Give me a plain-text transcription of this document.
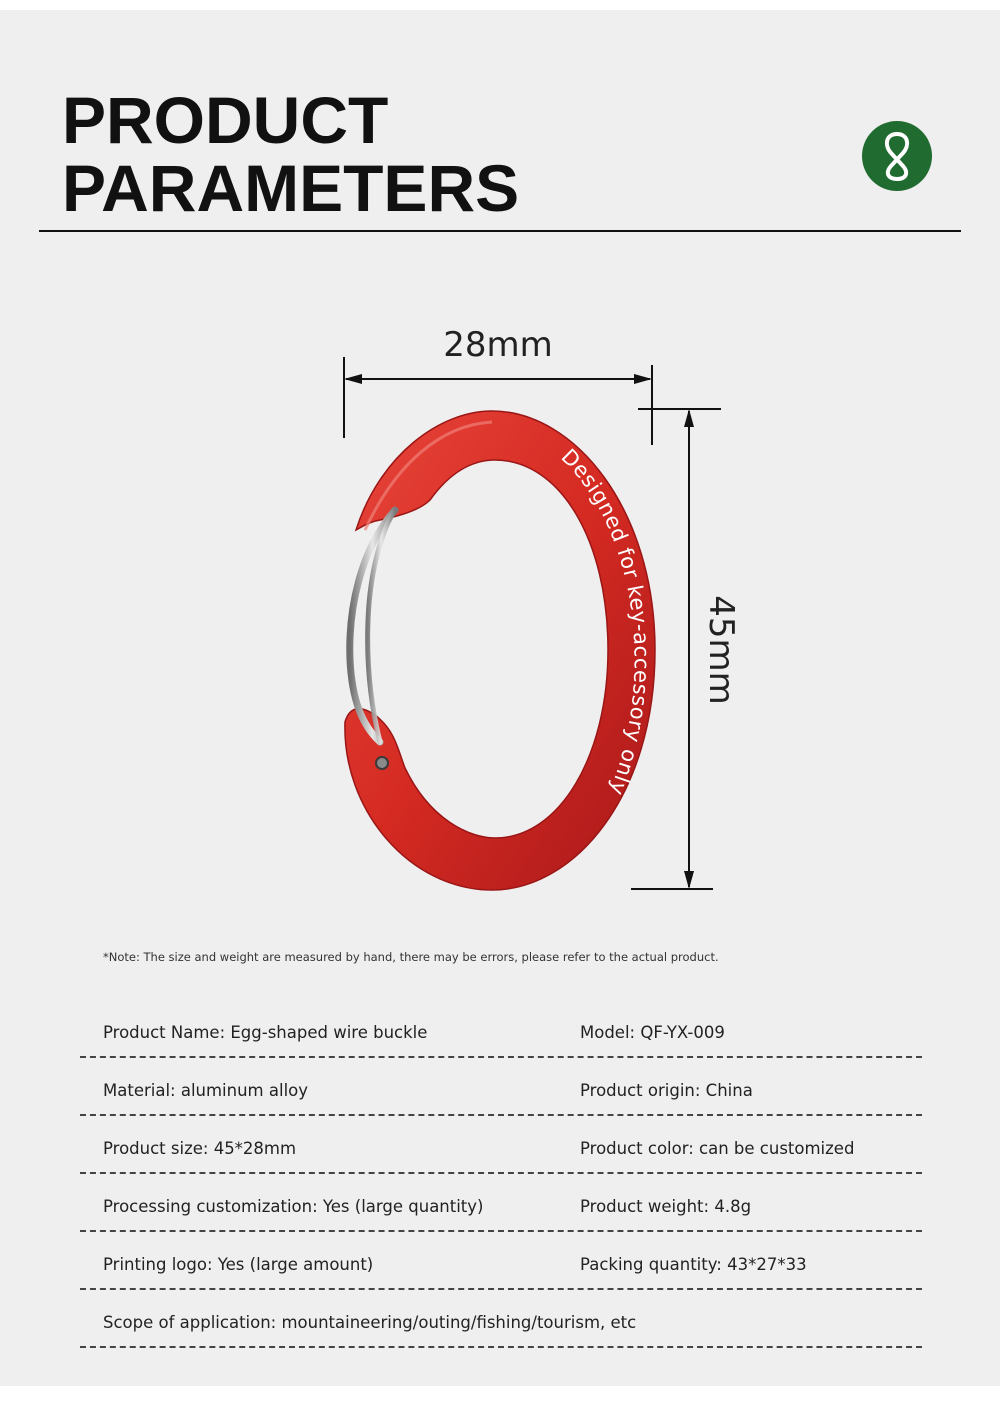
PRODUCT
PARAMETERS
28mm
45mm
Designed for key-accessory only
*Note: The size and weight are measured by hand, there may be errors, please refer to the actual product.
Product Name: Egg-shaped wire buckle	Model: QF-YX-009
Material: aluminum alloy	Product origin: China
Product size: 45*28mm	Product color: can be customized
Processing customization: Yes (large quantity)	Product weight: 4.8g
Printing logo: Yes (large amount)	Packing quantity: 43*27*33
Scope of application: mountaineering/outing/fishing/tourism, etc
